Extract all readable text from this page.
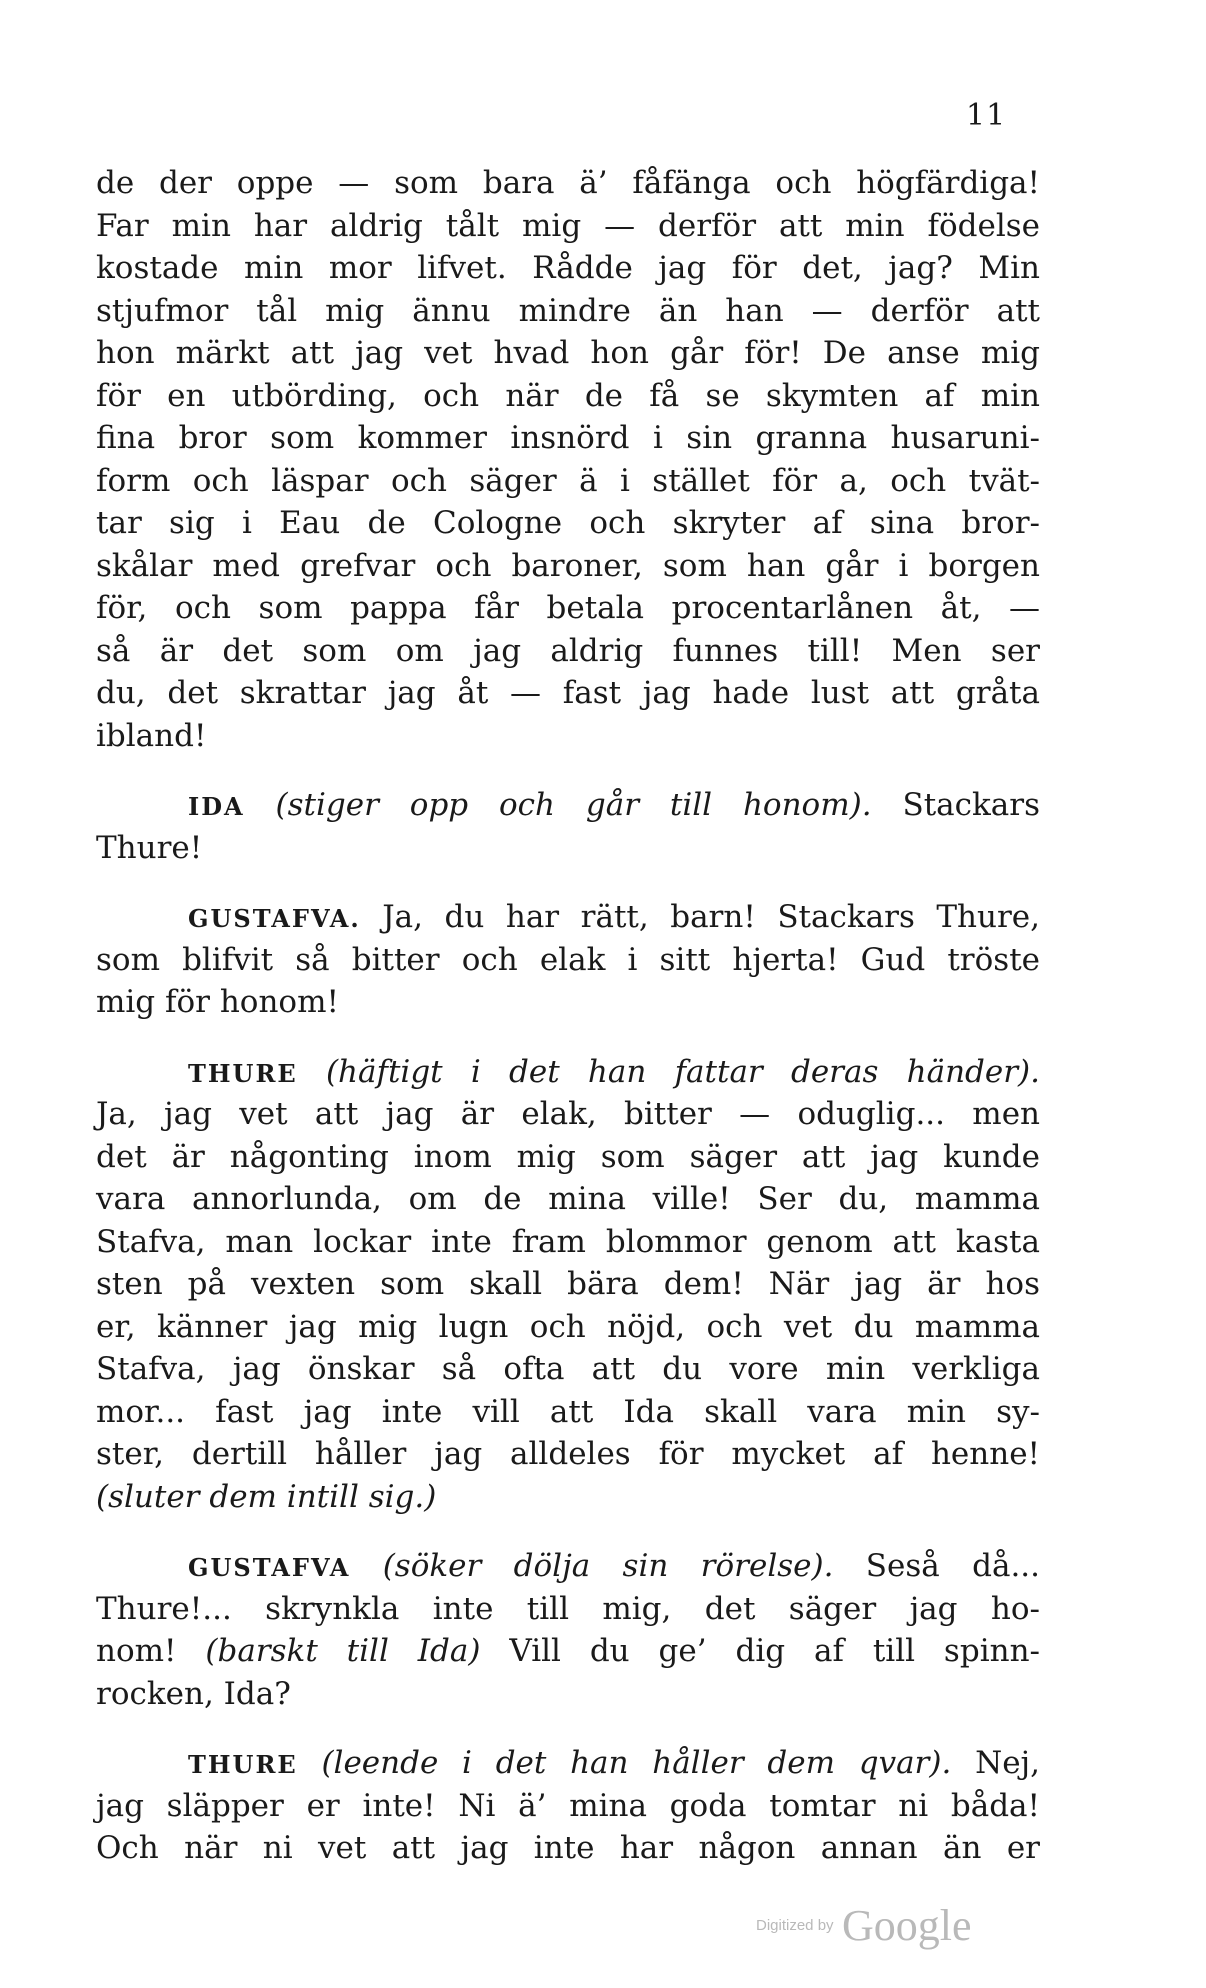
11
de der oppe — som bara ä’ fåfänga och högfärdiga!
Far min har aldrig tålt mig — derför att min födelse
kostade min mor lifvet. Rådde jag för det, jag? Min
stjufmor tål mig ännu mindre än han — derför att
hon märkt att jag vet hvad hon går för! De anse mig
för en utbörding, och när de få se skymten af min
fina bror som kommer insnörd i sin granna husaruni-
form och läspar och säger ä i stället för a, och tvät-
tar sig i Eau de Cologne och skryter af sina bror-
skålar med grefvar och baroner, som han går i borgen
för, och som pappa får betala procentarlånen åt, —
så är det som om jag aldrig funnes till! Men ser
du, det skrattar jag åt — fast jag hade lust att gråta
ibland!
IDA (stiger opp och går till honom). Stackars
Thure!
GUSTAFVA. Ja, du har rätt, barn! Stackars Thure,
som blifvit så bitter och elak i sitt hjerta! Gud tröste
mig för honom!
THURE (häftigt i det han fattar deras händer).
Ja, jag vet att jag är elak, bitter — oduglig... men
det är någonting inom mig som säger att jag kunde
vara annorlunda, om de mina ville! Ser du, mamma
Stafva, man lockar inte fram blommor genom att kasta
sten på vexten som skall bära dem! När jag är hos
er, känner jag mig lugn och nöjd, och vet du mamma
Stafva, jag önskar så ofta att du vore min verkliga
mor... fast jag inte vill att Ida skall vara min sy-
ster, dertill håller jag alldeles för mycket af henne!
(sluter dem intill sig.)
GUSTAFVA (söker dölja sin rörelse). Seså då...
Thure!... skrynkla inte till mig, det säger jag ho-
nom! (barskt till Ida) Vill du ge’ dig af till spinn-
rocken, Ida?
THURE (leende i det han håller dem qvar). Nej,
jag släpper er inte! Ni ä’ mina goda tomtar ni båda!
Och när ni vet att jag inte har någon annan än er
Digitized by Google
